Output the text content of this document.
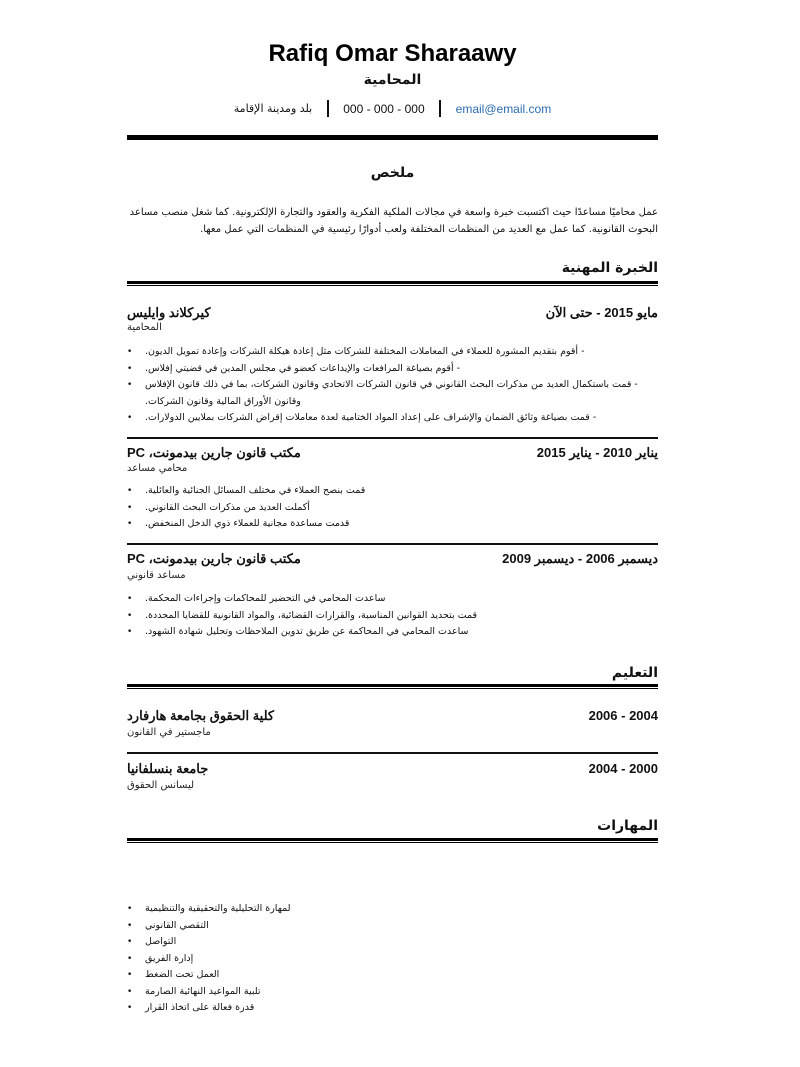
Rafiq Omar Sharaawy
المحامية
بلد ومدينة الإقامة	000 - 000 - 000	email@email.com
ملخص
عمل محاميًا مساعدًا حيث اكتسبت خبرة واسعة في مجالات الملكية الفكرية والعقود والتجارة الإلكترونية. كما شغل منصب مساعد البحوث القانونية. كما عمل مع العديد من المنظمات المختلفة ولعب أدوارًا رئيسية في المنظمات التي عمل معها.
الخبرة المهنية
مايو 2015 - حتى الآن
كيركلاند وايليس
المحامية
• - أقوم بتقديم المشورة للعملاء في المعاملات المختلفة للشركات مثل إعادة هيكلة الشركات وإعادة تمويل الديون.
• - أقوم بصياغة المرافعات والإيداعات كعضو في مجلس المدين في قضيتي إفلاس.
• - قمت باستكمال العديد من مذكرات البحث القانوني في قانون الشركات الاتحادي وقانون الشركات، بما في ذلك قانون الإفلاس وقانون الأوراق المالية وقانون الشركات.
• - قمت بصياغة وثائق الضمان والإشراف على إعداد المواد الختامية لعدة معاملات إقراض الشركات بملايين الدولارات.
يناير 2010 - يناير 2015
مكتب قانون جارين بيدمونت، PC
محامي مساعد
• قمت بنصح العملاء في مختلف المسائل الجنائية والعائلية.
• أكملت العديد من مذكرات البحث القانوني.
• قدمت مساعدة مجانية للعملاء ذوي الدخل المنخفض.
ديسمبر 2006 - ديسمبر 2009
مكتب قانون جارين بيدمونت، PC
مساعد قانوني
• ساعدت المحامي في التحضير للمحاكمات وإجراءات المحكمة.
• قمت بتحديد القوانين المناسبة، والقرارات القضائية، والمواد القانونية للقضايا المحددة.
• ساعدت المحامي في المحاكمة عن طريق تدوين الملاحظات وتحليل شهادة الشهود.
التعليم
2004 - 2006
كلية الحقوق بجامعة هارفارد
ماجستير في القانون
2000 - 2004
جامعة بنسلفانيا
ليسانس الحقوق
المهارات
• لمهارة التحليلية والتحقيقية والتنظيمية
• التقصي القانوني
• التواصل
• إدارة الفريق
• العمل تحت الضغط
• تلبية المواعيد النهائية الصارمة
• قدرة فعالة على اتخاذ القرار
